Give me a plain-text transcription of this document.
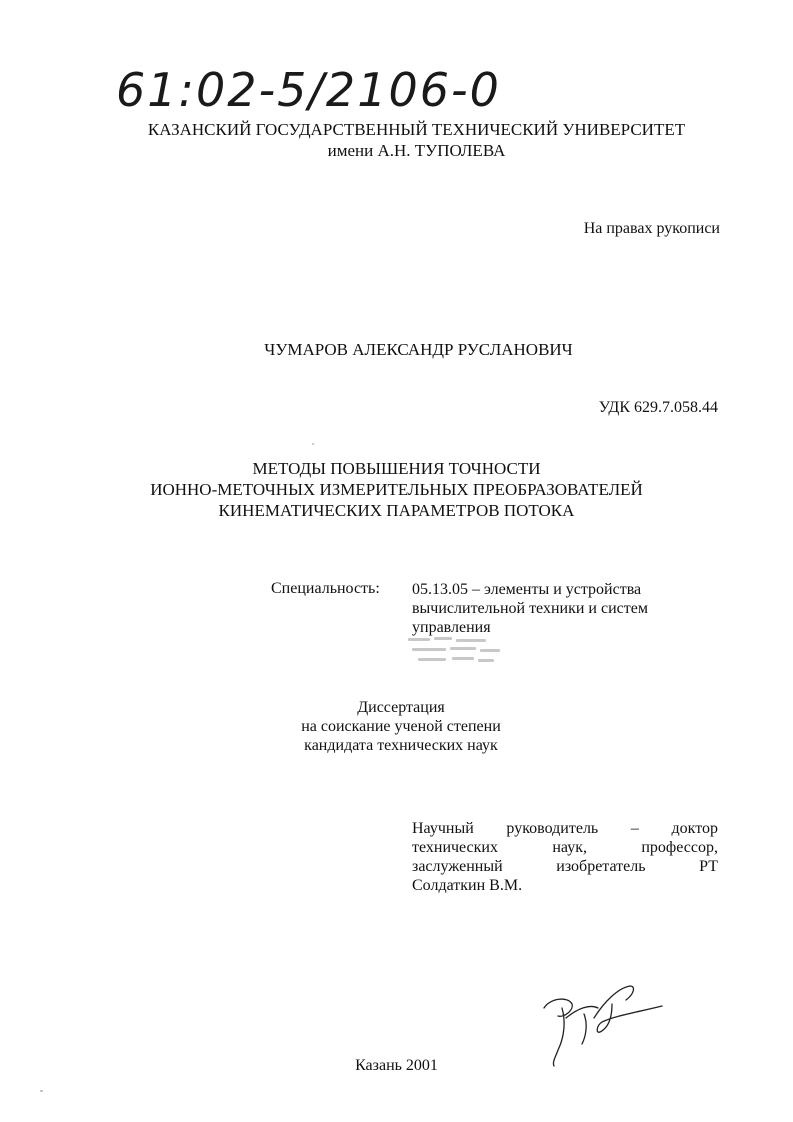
61:02-5/2106-0
КАЗАНСКИЙ ГОСУДАРСТВЕННЫЙ ТЕХНИЧЕСКИЙ УНИВЕРСИТЕТ
имени А.Н. ТУПОЛЕВА
На правах рукописи
ЧУМАРОВ АЛЕКСАНДР РУСЛАНОВИЧ
УДК 629.7.058.44
МЕТОДЫ ПОВЫШЕНИЯ ТОЧНОСТИ
ИОННО-МЕТОЧНЫХ ИЗМЕРИТЕЛЬНЫХ ПРЕОБРАЗОВАТЕЛЕЙ
КИНЕМАТИЧЕСКИХ ПАРАМЕТРОВ ПОТОКА
Специальность: 05.13.05 – элементы и устройства
вычислительной техники и систем
управления
Диссертация
на соискание ученой степени
кандидата технических наук
Научный руководитель – доктор
технических	наук,	профессор,
заслуженный	изобретатель	РТ
Солдаткин В.М.
Казань 2001
